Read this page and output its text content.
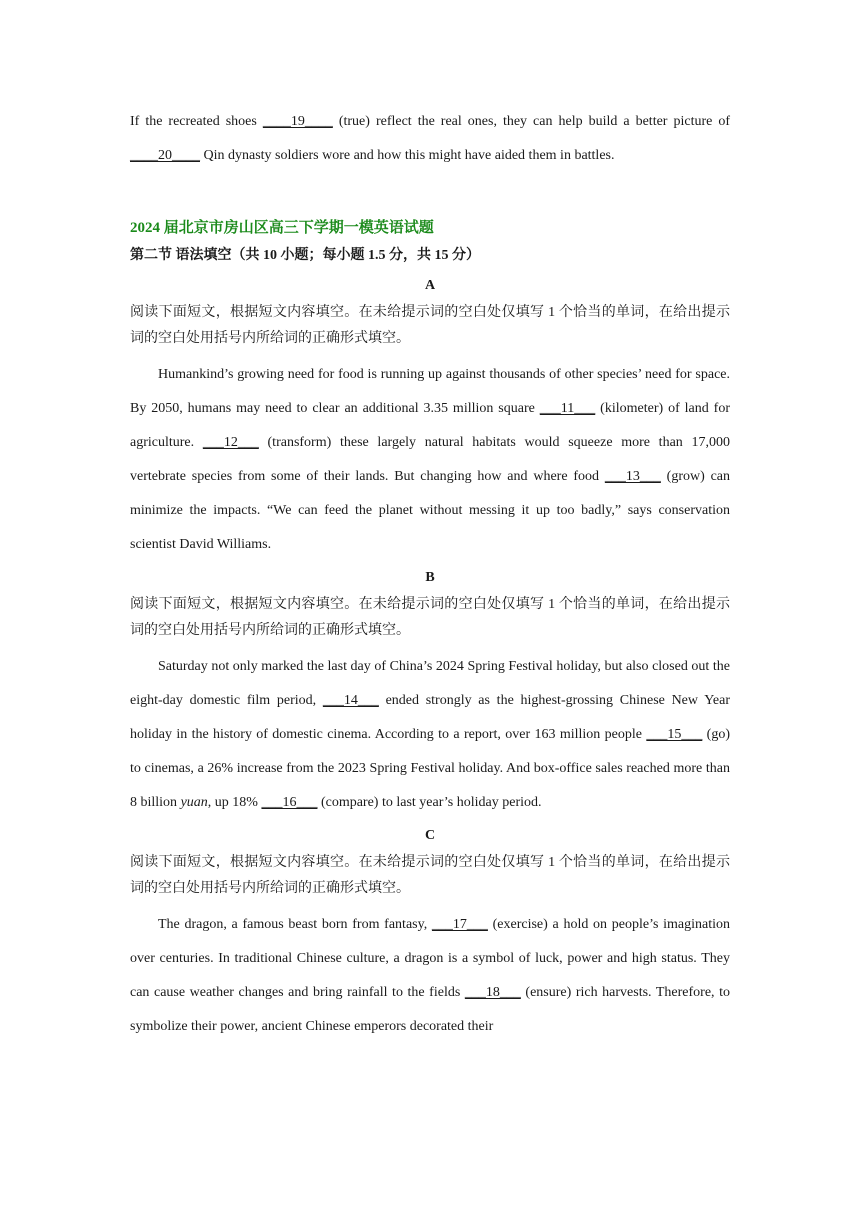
If the recreated shoes ____19____ (true) reflect the real ones, they can help build a better picture of ____20____ Qin dynasty soldiers wore and how this might have aided them in battles.

2024 届北京市房山区高三下学期一模英语试题

第二节 语法填空（共 10 小题；每小题 1.5 分，共 15 分）

A

阅读下面短文，根据短文内容填空。在未给提示词的空白处仅填写 1 个恰当的单词，在给出提示词的空白处用括号内所给词的正确形式填空。

Humankind’s growing need for food is running up against thousands of other species’ need for space. By 2050, humans may need to clear an additional 3.35 million square ___11___ (kilometer) of land for agriculture. ___12___ (transform) these largely natural habitats would squeeze more than 17,000 vertebrate species from some of their lands. But changing how and where food ___13___ (grow) can minimize the impacts. “We can feed the planet without messing it up too badly,” says conservation scientist David Williams.

B

阅读下面短文，根据短文内容填空。在未给提示词的空白处仅填写 1 个恰当的单词，在给出提示词的空白处用括号内所给词的正确形式填空。

Saturday not only marked the last day of China’s 2024 Spring Festival holiday, but also closed out the eight-day domestic film period, ___14___ ended strongly as the highest-grossing Chinese New Year holiday in the history of domestic cinema. According to a report, over 163 million people ___15___ (go) to cinemas, a 26% increase from the 2023 Spring Festival holiday. And box-office sales reached more than 8 billion yuan, up 18% ___16___ (compare) to last year’s holiday period.

C

阅读下面短文，根据短文内容填空。在未给提示词的空白处仅填写 1 个恰当的单词，在给出提示词的空白处用括号内所给词的正确形式填空。

The dragon, a famous beast born from fantasy, ___17___ (exercise) a hold on people’s imagination over centuries. In traditional Chinese culture, a dragon is a symbol of luck, power and high status. They can cause weather changes and bring rainfall to the fields ___18___ (ensure) rich harvests. Therefore, to symbolize their power, ancient Chinese emperors decorated their
